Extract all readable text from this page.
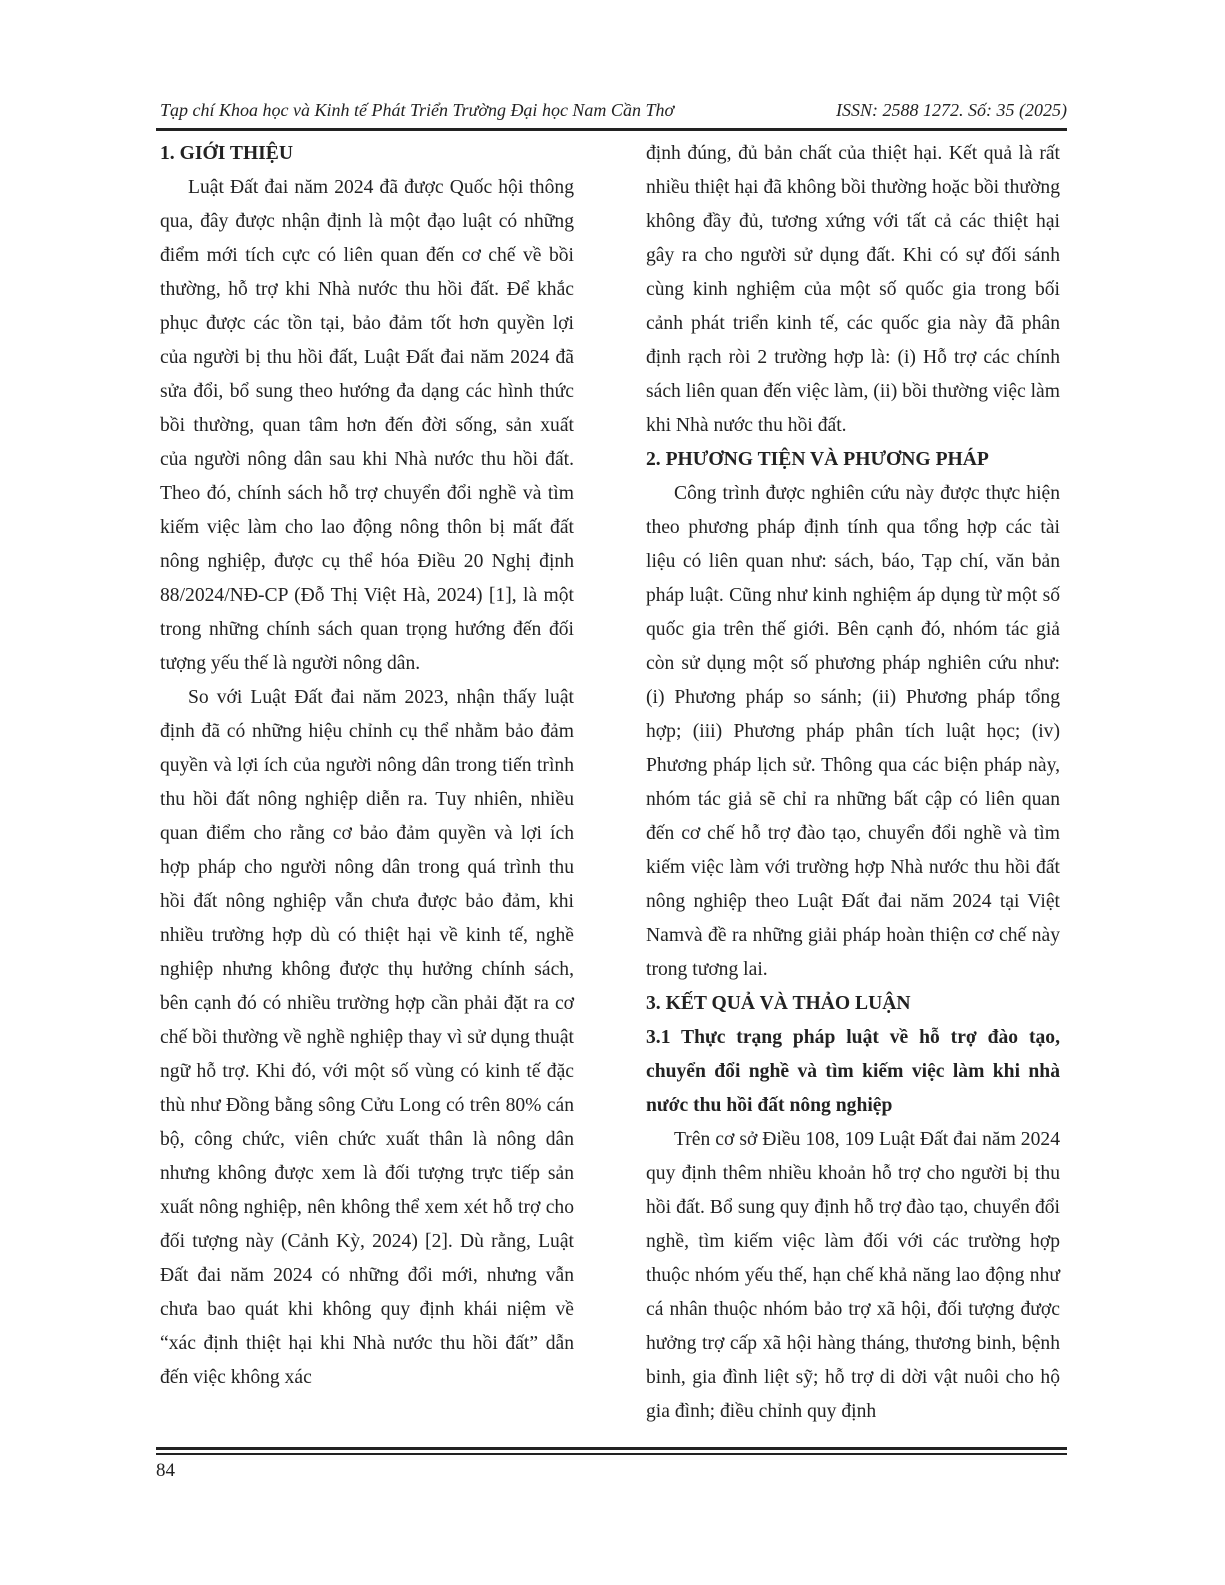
Tạp chí Khoa học và Kinh tế Phát Triển Trường Đại học Nam Cần Thơ	ISSN: 2588 1272. Số: 35 (2025)
1. GIỚI THIỆU

Luật Đất đai năm 2024 đã được Quốc hội thông qua, đây được nhận định là một đạo luật có những điểm mới tích cực có liên quan đến cơ chế về bồi thường, hỗ trợ khi Nhà nước thu hồi đất. Để khắc phục được các tồn tại, bảo đảm tốt hơn quyền lợi của người bị thu hồi đất, Luật Đất đai năm 2024 đã sửa đổi, bổ sung theo hướng đa dạng các hình thức bồi thường, quan tâm hơn đến đời sống, sản xuất của người nông dân sau khi Nhà nước thu hồi đất. Theo đó, chính sách hỗ trợ chuyển đổi nghề và tìm kiếm việc làm cho lao động nông thôn bị mất đất nông nghiệp, được cụ thể hóa Điều 20 Nghị định 88/2024/NĐ-CP (Đỗ Thị Việt Hà, 2024) [1], là một trong những chính sách quan trọng hướng đến đối tượng yếu thế là người nông dân.

So với Luật Đất đai năm 2023, nhận thấy luật định đã có những hiệu chỉnh cụ thể nhằm bảo đảm quyền và lợi ích của người nông dân trong tiến trình thu hồi đất nông nghiệp diễn ra. Tuy nhiên, nhiều quan điểm cho rằng cơ bảo đảm quyền và lợi ích hợp pháp cho người nông dân trong quá trình thu hồi đất nông nghiệp vẫn chưa được bảo đảm, khi nhiều trường hợp dù có thiệt hại về kinh tế, nghề nghiệp nhưng không được thụ hưởng chính sách, bên cạnh đó có nhiều trường hợp cần phải đặt ra cơ chế bồi thường về nghề nghiệp thay vì sử dụng thuật ngữ hỗ trợ. Khi đó, với một số vùng có kinh tế đặc thù như Đồng bằng sông Cửu Long có trên 80% cán bộ, công chức, viên chức xuất thân là nông dân nhưng không được xem là đối tượng trực tiếp sản xuất nông nghiệp, nên không thể xem xét hỗ trợ cho đối tượng này (Cảnh Kỳ, 2024) [2]. Dù rằng, Luật Đất đai năm 2024 có những đổi mới, nhưng vẫn chưa bao quát khi không quy định khái niệm về “xác định thiệt hại khi Nhà nước thu hồi đất” dẫn đến việc không xác

định đúng, đủ bản chất của thiệt hại. Kết quả là rất nhiều thiệt hại đã không bồi thường hoặc bồi thường không đầy đủ, tương xứng với tất cả các thiệt hại gây ra cho người sử dụng đất. Khi có sự đối sánh cùng kinh nghiệm của một số quốc gia trong bối cảnh phát triển kinh tế, các quốc gia này đã phân định rạch ròi 2 trường hợp là: (i) Hỗ trợ các chính sách liên quan đến việc làm, (ii) bồi thường việc làm khi Nhà nước thu hồi đất.

2. PHƯƠNG TIỆN VÀ PHƯƠNG PHÁP

Công trình được nghiên cứu này được thực hiện theo phương pháp định tính qua tổng hợp các tài liệu có liên quan như: sách, báo, Tạp chí, văn bản pháp luật. Cũng như kinh nghiệm áp dụng từ một số quốc gia trên thế giới. Bên cạnh đó, nhóm tác giả còn sử dụng một số phương pháp nghiên cứu như: (i) Phương pháp so sánh; (ii) Phương pháp tổng hợp; (iii) Phương pháp phân tích luật học; (iv) Phương pháp lịch sử. Thông qua các biện pháp này, nhóm tác giả sẽ chỉ ra những bất cập có liên quan đến cơ chế hỗ trợ đào tạo, chuyển đổi nghề và tìm kiếm việc làm với trường hợp Nhà nước thu hồi đất nông nghiệp theo Luật Đất đai năm 2024 tại Việt Namvà đề ra những giải pháp hoàn thiện cơ chế này trong tương lai.

3. KẾT QUẢ VÀ THẢO LUẬN
3.1 Thực trạng pháp luật về hỗ trợ đào tạo, chuyển đổi nghề và tìm kiếm việc làm khi nhà nước thu hồi đất nông nghiệp

Trên cơ sở Điều 108, 109 Luật Đất đai năm 2024 quy định thêm nhiều khoản hỗ trợ cho người bị thu hồi đất. Bổ sung quy định hỗ trợ đào tạo, chuyển đổi nghề, tìm kiếm việc làm đối với các trường hợp thuộc nhóm yếu thế, hạn chế khả năng lao động như cá nhân thuộc nhóm bảo trợ xã hội, đối tượng được hưởng trợ cấp xã hội hàng tháng, thương binh, bệnh binh, gia đình liệt sỹ; hỗ trợ di dời vật nuôi cho hộ gia đình; điều chỉnh quy định

84
